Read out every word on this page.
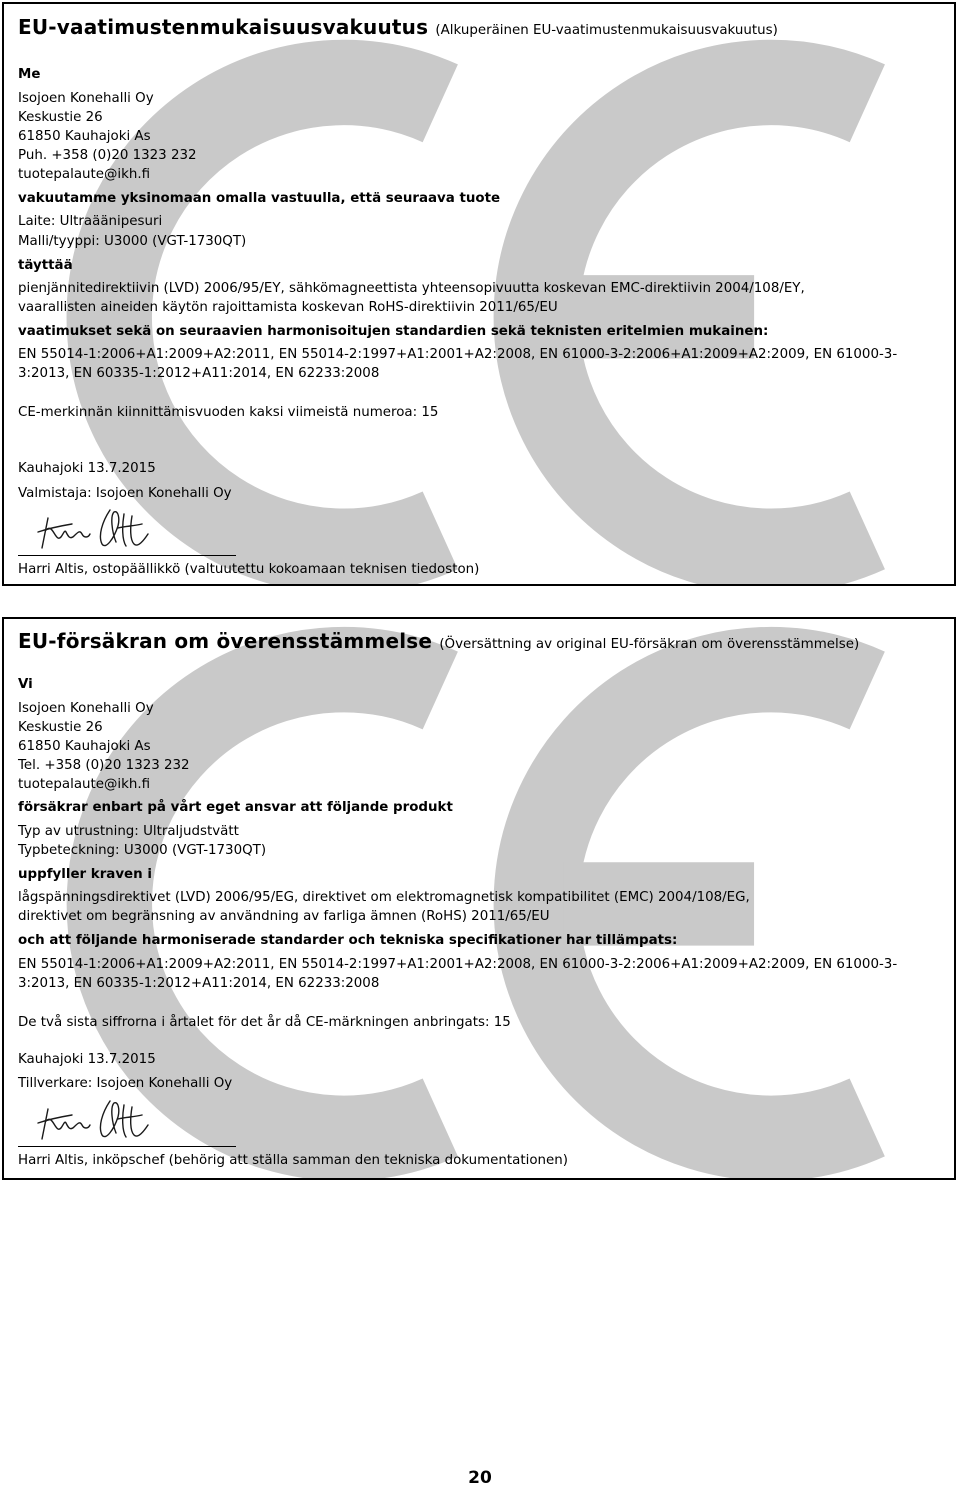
EU-vaatimustenmukaisuusvakuutus (Alkuperäinen EU-vaatimustenmukaisuusvakuutus)
Me
Isojoen Konehalli Oy
Keskustie 26
61850 Kauhajoki As
Puh. +358 (0)20 1323 232
tuotepalaute@ikh.fi
vakuutamme yksinomaan omalla vastuulla, että seuraava tuote
Laite: Ultraäänipesuri
Malli/tyyppi: U3000 (VGT-1730QT)
täyttää
pienjännitedirektiivin (LVD) 2006/95/EY, sähkömagneettista yhteensopivuutta koskevan EMC-direktiivin 2004/108/EY,
vaarallisten aineiden käytön rajoittamista koskevan RoHS-direktiivin 2011/65/EU
vaatimukset sekä on seuraavien harmonisoitujen standardien sekä teknisten eritelmien mukainen:
EN 55014-1:2006+A1:2009+A2:2011, EN 55014-2:1997+A1:2001+A2:2008, EN 61000-3-2:2006+A1:2009+A2:2009, EN 61000-3-
3:2013, EN 60335-1:2012+A11:2014, EN 62233:2008
CE-merkinnän kiinnittämisvuoden kaksi viimeistä numeroa: 15
Kauhajoki 13.7.2015
Valmistaja: Isojoen Konehalli Oy
Harri Altis, ostopäällikkö (valtuutettu kokoamaan teknisen tiedoston)
EU-försäkran om överensstämmelse (Översättning av original EU-försäkran om överensstämmelse)
Vi
Isojoen Konehalli Oy
Keskustie 26
61850 Kauhajoki As
Tel. +358 (0)20 1323 232
tuotepalaute@ikh.fi
försäkrar enbart på vårt eget ansvar att följande produkt
Typ av utrustning: Ultraljudstvätt
Typbeteckning: U3000 (VGT-1730QT)
uppfyller kraven i
lågspänningsdirektivet (LVD) 2006/95/EG, direktivet om elektromagnetisk kompatibilitet (EMC) 2004/108/EG,
direktivet om begränsning av användning av farliga ämnen (RoHS) 2011/65/EU
och att följande harmoniserade standarder och tekniska specifikationer har tillämpats:
EN 55014-1:2006+A1:2009+A2:2011, EN 55014-2:1997+A1:2001+A2:2008, EN 61000-3-2:2006+A1:2009+A2:2009, EN 61000-3-
3:2013, EN 60335-1:2012+A11:2014, EN 62233:2008
De två sista siffrorna i årtalet för det år då CE-märkningen anbringats: 15
Kauhajoki 13.7.2015
Tillverkare: Isojoen Konehalli Oy
Harri Altis, inköpschef (behörig att ställa samman den tekniska dokumentationen)
20
